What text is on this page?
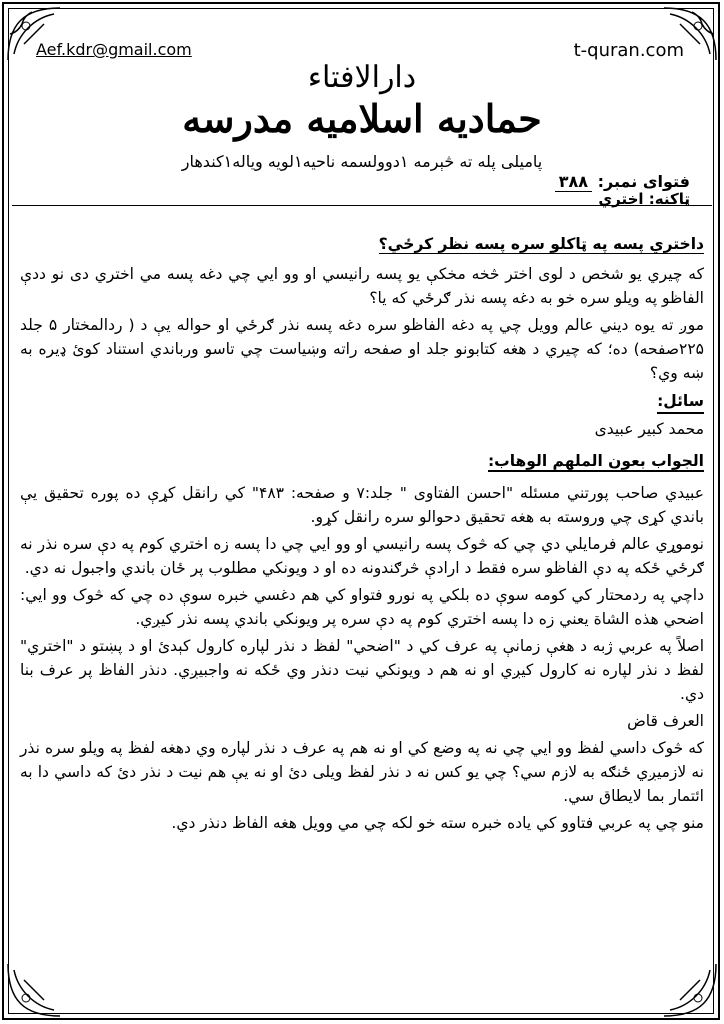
Aef.kdr@gmail.com	t-quran.com
دارالافتاء
حمادیه اسلامیه مدرسه
پامیلی پله ته څېرمه ۱دوولسمه ناحیه۱لویه ویاله۱کندهار
فتوای نمبر: ۳۸۸
ټاکنه: اختري
داختري پسه په ټاکلو سره پسه نظر کرځي؟

که چيري يو شخص د لوى اختر څخه مخکې يو پسه رانيسي او وو ايي چي دغه پسه مي اختري دى نو ددې الفاظو په ويلو سره خو به دغه پسه نذر ګرځي که يا؟

موږ ته يوه ديني عالم وويل چي په دغه الفاظو سره دغه پسه نذر ګرځي او حواله يې د ( ردالمختار ۵ جلد ۲۲۵صفحه) ده؛ که چيري د هغه کتابونو جلد او صفحه راته وښياست چي تاسو ورباندي استناد کوئ ډيره به ښه وي؟

سائل:

محمد کبير عبيدى

الجواب بعون الملهم الوهاب:

عبيدي صاحب پورتني مسئله "احسن الفتاوى " جلد:۷ و صفحه: ۴۸۳" کي رانقل کړې ده پوره تحقيق يې باندي کړى چي وروسته به هغه تحقيق دحوالو سره رانقل کړو.

نوموړي عالم فرمايلي دي چي که څوک پسه رانيسي او وو ايي چي دا پسه زه اختري کوم په دې سره نذر نه ګرځي ځکه په دې الفاظو سره فقط د ارادې څرګندونه ده او د ويونکي مطلوب پر ځان باندي واجبول نه دي.

داچي په ردمحتار کي کومه سوې ده بلکي په نورو فتواو کي هم دغسي خبره سوې ده چي که څوک وو ايي: اضحي هذه الشاة يعني زه دا پسه اختري کوم په دې سره پر ويونکي باندي پسه نذر کيږي.

اصلاً په عربي ژبه د هغې زمانې په عرف کي د "اضحي" لفظ د نذر لپاره کارول کېدئ او د پښتو د "اختري" لفظ د نذر لپاره نه کارول کيږي او نه هم د ويونکي نيت دنذر وي ځکه نه واجبيږي. دنذر الفاظ پر عرف بنا دي.

العرف قاض

که څوک داسي لفظ وو ايي چي نه په وضع کي او نه هم په عرف د نذر لپاره وي دهغه لفظ په ويلو سره نذر نه لازميږي ځنګه به لازم سي؟ چي يو کس نه د نذر لفظ ويلى دئ او نه يې هم نيت د نذر دئ که داسي دا به ائتمار بما لايطاق سي.

منو چي په عربي فتاوو کي ياده خبره سته خو لکه چي مي وويل هغه الفاظ دنذر دي.
